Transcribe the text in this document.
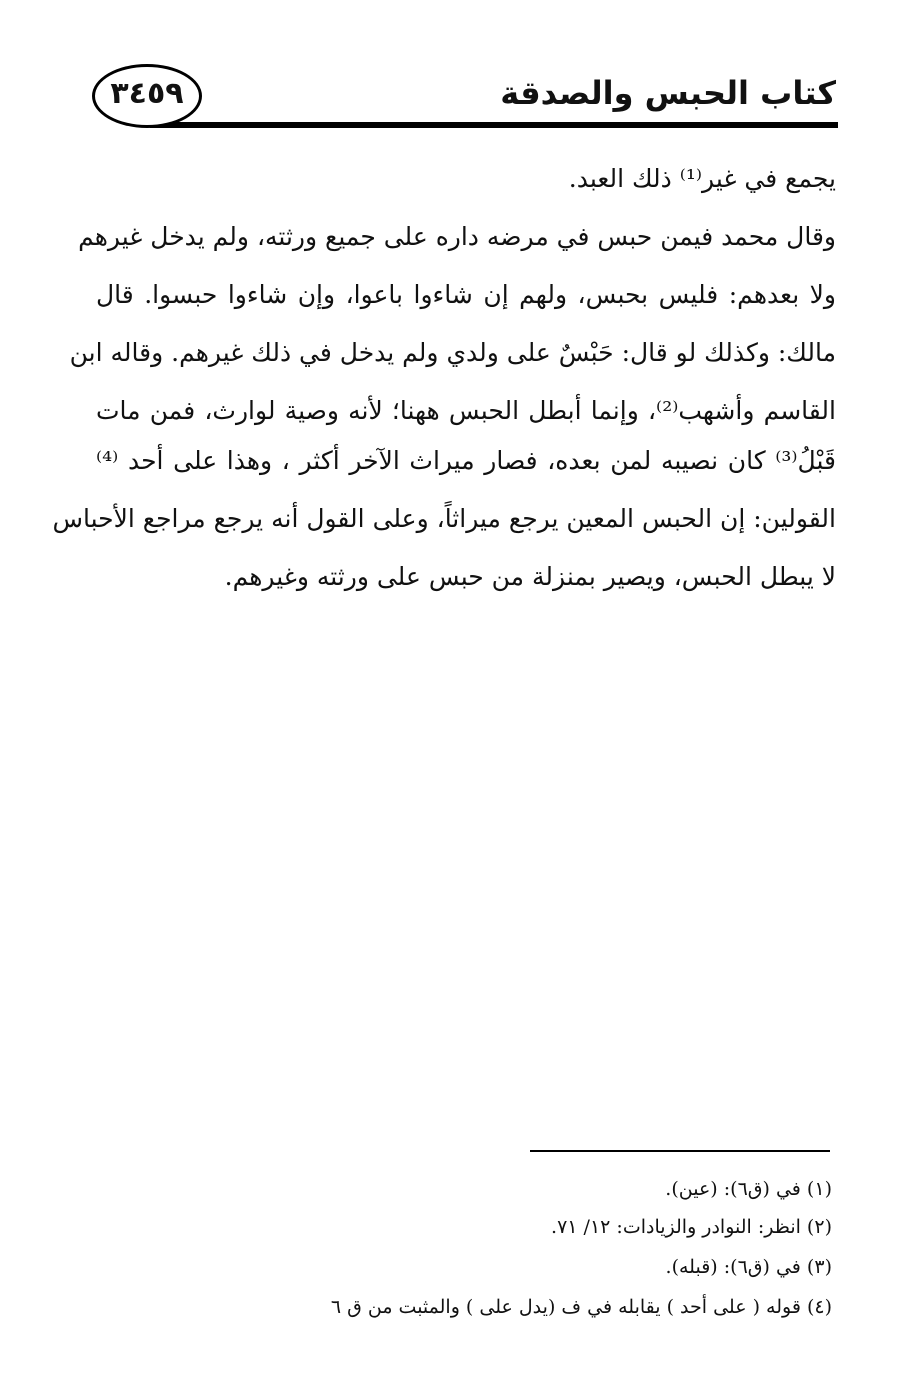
كتاب الحبس والصدقة
٣٤٥٩
يجمع في غير⁽¹⁾ ذلك العبد.
وقال محمد فيمن حبس في مرضه داره على جميع ورثته، ولم يدخل غيرهم
ولا بعدهم: فليس بحبس، ولهم إن شاءوا باعوا، وإن شاءوا حبسوا. قال
مالك: وكذلك لو قال: حَبْسٌ على ولدي ولم يدخل في ذلك غيرهم. وقاله ابن
القاسم وأشهب⁽²⁾، وإنما أبطل الحبس ههنا؛ لأنه وصية لوارث، فمن مات
قَبْلُ⁽³⁾ كان نصيبه لمن بعده، فصار ميراث الآخر أكثر ، وهذا على أحد ⁽⁴⁾
القولين: إن الحبس المعين يرجع ميراثاً، وعلى القول أنه يرجع مراجع الأحباس
لا يبطل الحبس، ويصير بمنزلة من حبس على ورثته وغيرهم.
(١) في (ق٦): (عين).
(٢) انظر: النوادر والزيادات: ١٢/ ٧١.
(٣) في (ق٦): (قبله).
(٤) قوله ( على أحد ) يقابله في ف (يدل على ) والمثبت من ق ٦
